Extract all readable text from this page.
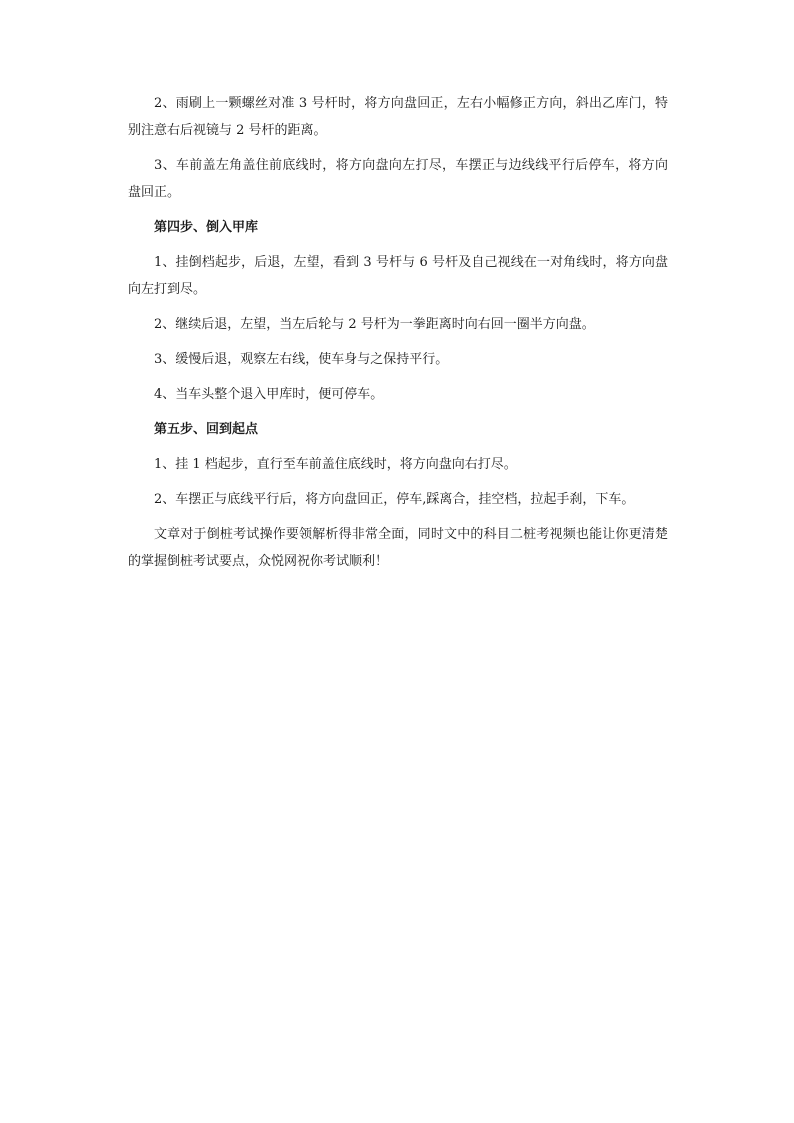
2、雨刷上一颗螺丝对准 3 号杆时，将方向盘回正，左右小幅修正方向，斜出乙库门，特别注意右后视镜与 2 号杆的距离。

3、车前盖左角盖住前底线时，将方向盘向左打尽，车摆正与边线线平行后停车，将方向盘回正。

第四步、倒入甲库

1、挂倒档起步，后退，左望，看到 3 号杆与 6 号杆及自己视线在一对角线时，将方向盘向左打到尽。

2、继续后退，左望，当左后轮与 2 号杆为一拳距离时向右回一圈半方向盘。

3、缓慢后退，观察左右线，使车身与之保持平行。

4、当车头整个退入甲库时，便可停车。

第五步、回到起点

1、挂 1 档起步，直行至车前盖住底线时，将方向盘向右打尽。

2、车摆正与底线平行后，将方向盘回正，停车,踩离合，挂空档，拉起手刹，下车。

文章对于倒桩考试操作要领解析得非常全面，同时文中的科目二桩考视频也能让你更清楚的掌握倒桩考试要点，众悦网祝你考试顺利！
